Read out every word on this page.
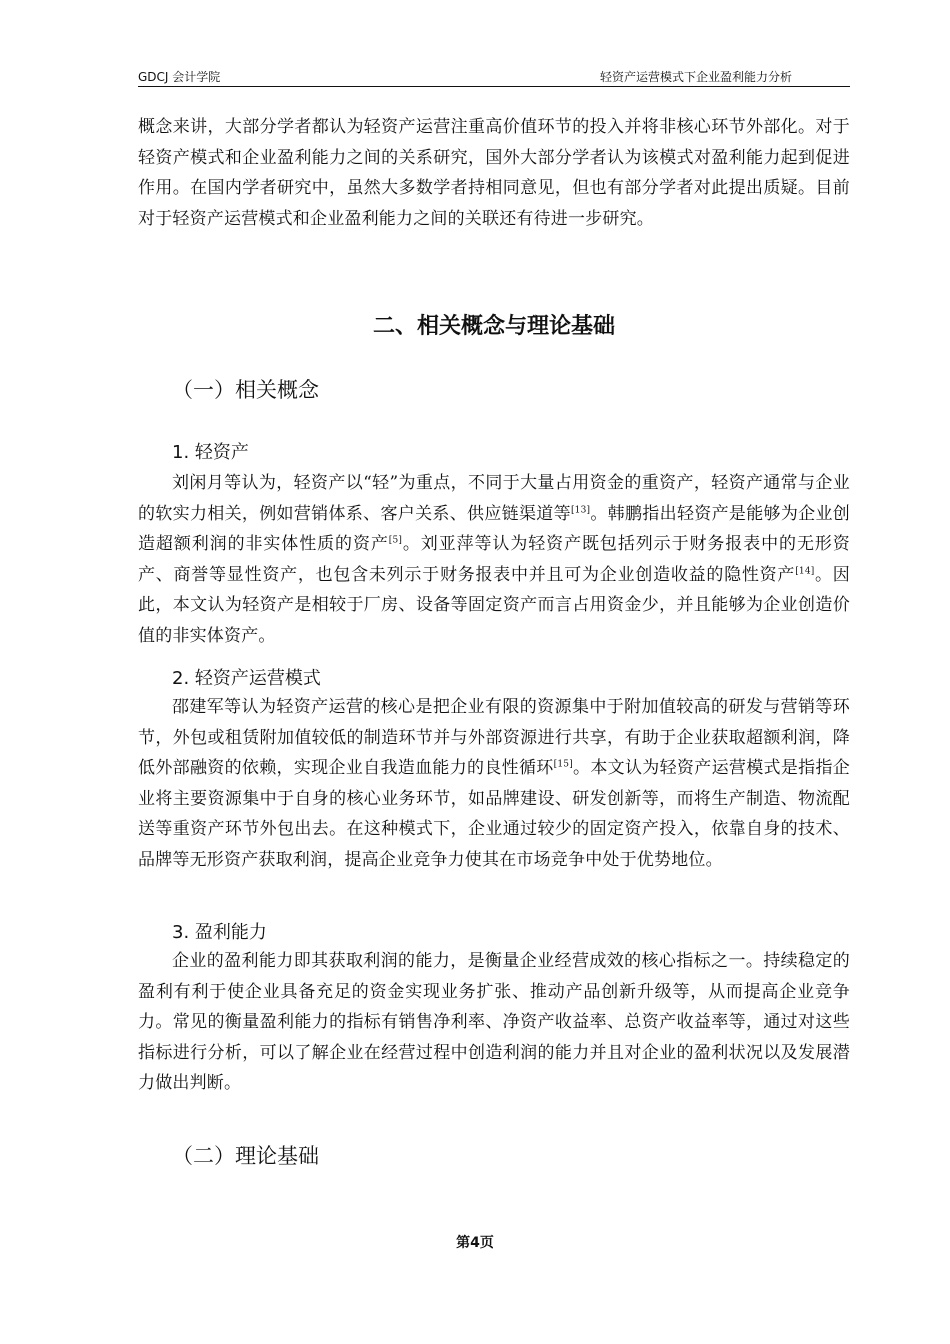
GDCJ 会计学院	轻资产运营模式下企业盈利能力分析

概念来讲，大部分学者都认为轻资产运营注重高价值环节的投入并将非核心环节外部化。对于轻资产模式和企业盈利能力之间的关系研究，国外大部分学者认为该模式对盈利能力起到促进作用。在国内学者研究中，虽然大多数学者持相同意见，但也有部分学者对此提出质疑。目前对于轻资产运营模式和企业盈利能力之间的关联还有待进一步研究。

二、相关概念与理论基础
（一）相关概念
1. 轻资产

刘闲月等认为，轻资产以“轻”为重点，不同于大量占用资金的重资产，轻资产通常与企业的软实力相关，例如营销体系、客户关系、供应链渠道等[13]。韩鹏指出轻资产是能够为企业创造超额利润的非实体性质的资产[5]。刘亚萍等认为轻资产既包括列示于财务报表中的无形资产、商誉等显性资产，也包含未列示于财务报表中并且可为企业创造收益的隐性资产[14]。因此，本文认为轻资产是相较于厂房、设备等固定资产而言占用资金少，并且能够为企业创造价值的非实体资产。

2. 轻资产运营模式

邵建军等认为轻资产运营的核心是把企业有限的资源集中于附加值较高的研发与营销等环节，外包或租赁附加值较低的制造环节并与外部资源进行共享，有助于企业获取超额利润，降低外部融资的依赖，实现企业自我造血能力的良性循环[15]。本文认为轻资产运营模式是指指企业将主要资源集中于自身的核心业务环节，如品牌建设、研发创新等，而将生产制造、物流配送等重资产环节外包出去。在这种模式下，企业通过较少的固定资产投入，依靠自身的技术、品牌等无形资产获取利润，提高企业竞争力使其在市场竞争中处于优势地位。

3. 盈利能力

企业的盈利能力即其获取利润的能力，是衡量企业经营成效的核心指标之一。持续稳定的盈利有利于使企业具备充足的资金实现业务扩张、推动产品创新升级等，从而提高企业竞争力。常见的衡量盈利能力的指标有销售净利率、净资产收益率、总资产收益率等，通过对这些指标进行分析，可以了解企业在经营过程中创造利润的能力并且对企业的盈利状况以及发展潜力做出判断。

（二）理论基础
第4页
